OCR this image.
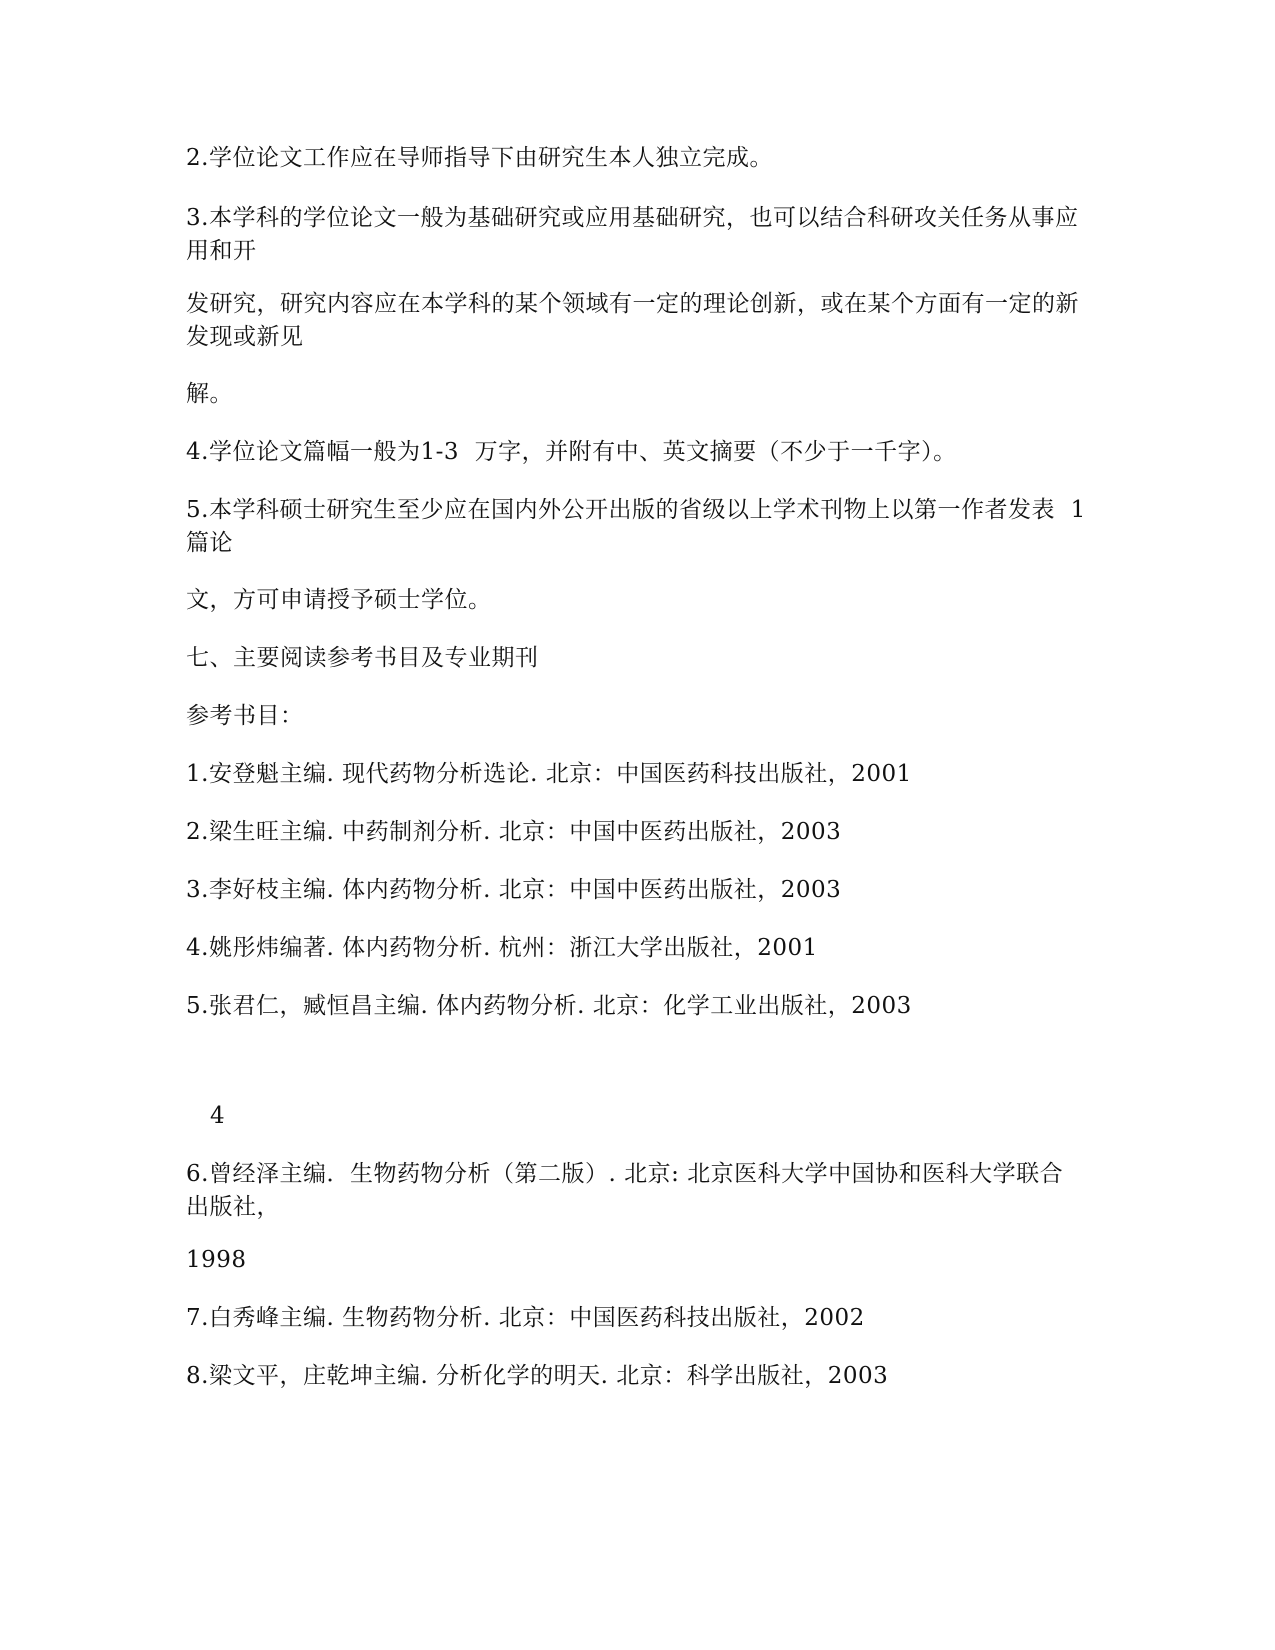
2.学位论文工作应在导师指导下由研究生本人独立完成。
3.本学科的学位论文一般为基础研究或应用基础研究，也可以结合科研攻关任务从事应用和开
发研究，研究内容应在本学科的某个领域有一定的理论创新，或在某个方面有一定的新发现或新见
解。
4.学位论文篇幅一般为1-3  万字，并附有中、英文摘要（不少于一千字）。
5.本学科硕士研究生至少应在国内外公开出版的省级以上学术刊物上以第一作者发表  1  篇论
文，方可申请授予硕士学位。
七、主要阅读参考书目及专业期刊
参考书目：
1.安登魁主编. 现代药物分析选论. 北京：中国医药科技出版社，2001
2.梁生旺主编. 中药制剂分析. 北京：中国中医药出版社，2003
3.李好枝主编. 体内药物分析. 北京：中国中医药出版社，2003
4.姚彤炜编著. 体内药物分析. 杭州：浙江大学出版社，2001
5.张君仁，臧恒昌主编. 体内药物分析. 北京：化学工业出版社，2003
4
6.曾经泽主编．生物药物分析（第二版）. 北京: 北京医科大学中国协和医科大学联合出版社，
1998
7.白秀峰主编. 生物药物分析. 北京：中国医药科技出版社，2002
8.梁文平，庄乾坤主编. 分析化学的明天. 北京：科学出版社，2003
